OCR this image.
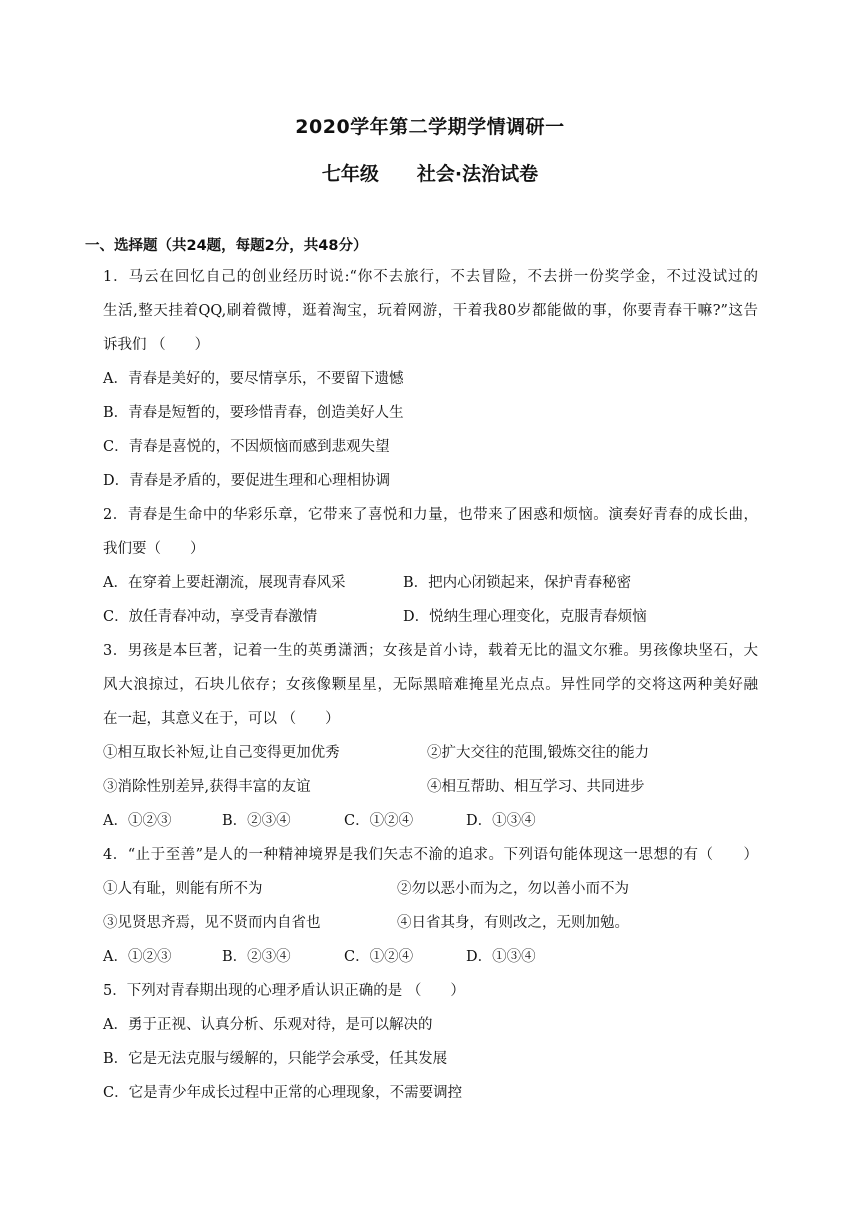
2020学年第二学期学情调研一
七年级 社会·法治试卷
一、选择题（共24题，每题2分，共48分）
1．马云在回忆自己的创业经历时说:“你不去旅行，不去冒险，不去拼一份奖学金，不过没试过的
生活,整天挂着QQ,刷着微博，逛着淘宝，玩着网游，干着我80岁都能做的事，你要青春干嘛?”这告
诉我们 （　　）
A．青春是美好的，要尽情享乐，不要留下遗憾
B．青春是短暂的，要珍惜青春，创造美好人生
C．青春是喜悦的，不因烦恼而感到悲观失望
D．青春是矛盾的，要促进生理和心理相协调
2．青春是生命中的华彩乐章，它带来了喜悦和力量，也带来了困惑和烦恼。演奏好青春的成长曲，
我们要（　　）
A．在穿着上要赶潮流，展现青春风采	B．把内心闭锁起来，保护青春秘密
C．放任青春冲动，享受青春激情	D．悦纳生理心理变化，克服青春烦恼
3．男孩是本巨著，记着一生的英勇潇洒；女孩是首小诗，载着无比的温文尔雅。男孩像块坚石，大
风大浪掠过，石块儿依存；女孩像颗星星，无际黑暗难掩星光点点。异性同学的交将这两种美好融
在一起，其意义在于，可以 （　　）
①相互取长补短,让自己变得更加优秀	②扩大交往的范围,锻炼交往的能力
③消除性别差异,获得丰富的友谊	④相互帮助、相互学习、共同进步
A．①②③	B．②③④	C．①②④	D．①③④
4．“止于至善”是人的一种精神境界是我们矢志不渝的追求。下列语句能体现这一思想的有（　　）
①人有耻，则能有所不为	②勿以恶小而为之，勿以善小而不为
③见贤思齐焉，见不贤而内自省也	④日省其身，有则改之，无则加勉。
A．①②③	B．②③④	C．①②④	D．①③④
5．下列对青春期出现的心理矛盾认识正确的是 （　　）
A．勇于正视、认真分析、乐观对待，是可以解决的
B．它是无法克服与缓解的，只能学会承受，任其发展
C．它是青少年成长过程中正常的心理现象，不需要调控
